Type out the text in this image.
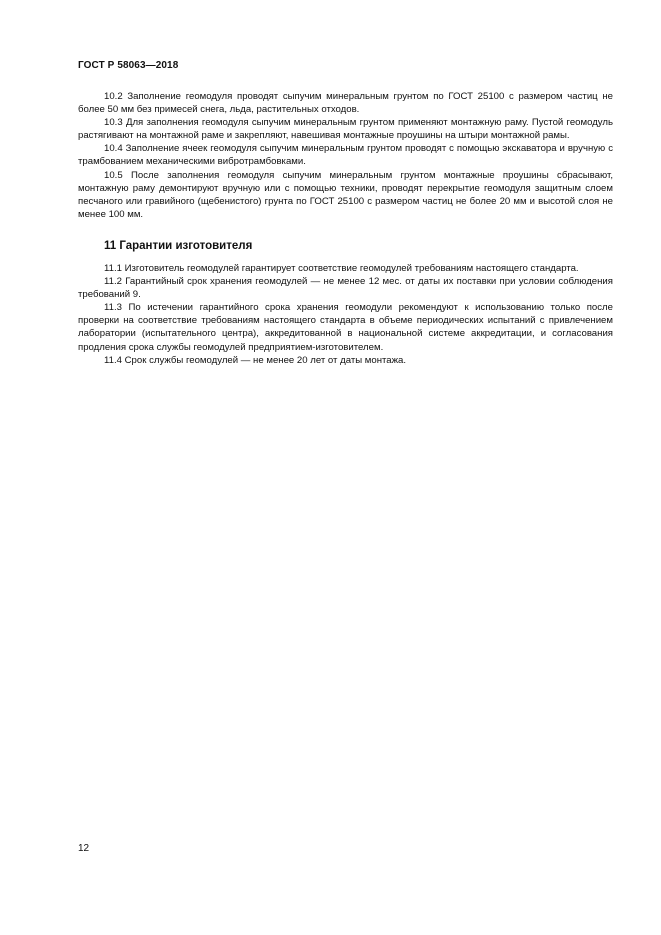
ГОСТ Р 58063—2018

10.2 Заполнение геомодуля проводят сыпучим минеральным грунтом по ГОСТ 25100 с размером частиц не более 50 мм без примесей снега, льда, растительных отходов.

10.3 Для заполнения геомодуля сыпучим минеральным грунтом применяют монтажную раму. Пустой геомодуль растягивают на монтажной раме и закрепляют, навешивая монтажные проушины на штыри монтажной рамы.

10.4 Заполнение ячеек геомодуля сыпучим минеральным грунтом проводят с помощью экскаватора и вручную с трамбованием механическими вибротрамбовками.

10.5 После заполнения геомодуля сыпучим минеральным грунтом монтажные проушины сбрасывают, монтажную раму демонтируют вручную или с помощью техники, проводят перекрытие геомодуля защитным слоем песчаного или гравийного (щебенистого) грунта по ГОСТ 25100 с размером частиц не более 20 мм и высотой слоя не менее 100 мм.

11 Гарантии изготовителя

11.1 Изготовитель геомодулей гарантирует соответствие геомодулей требованиям настоящего стандарта.

11.2 Гарантийный срок хранения геомодулей — не менее 12 мес. от даты их поставки при условии соблюдения требований 9.

11.3 По истечении гарантийного срока хранения геомодули рекомендуют к использованию только после проверки на соответствие требованиям настоящего стандарта в объеме периодических испытаний с привлечением лаборатории (испытательного центра), аккредитованной в национальной системе аккредитации, и согласования продления срока службы геомодулей предприятием-изготовителем.

11.4 Срок службы геомодулей — не менее 20 лет от даты монтажа.

12
